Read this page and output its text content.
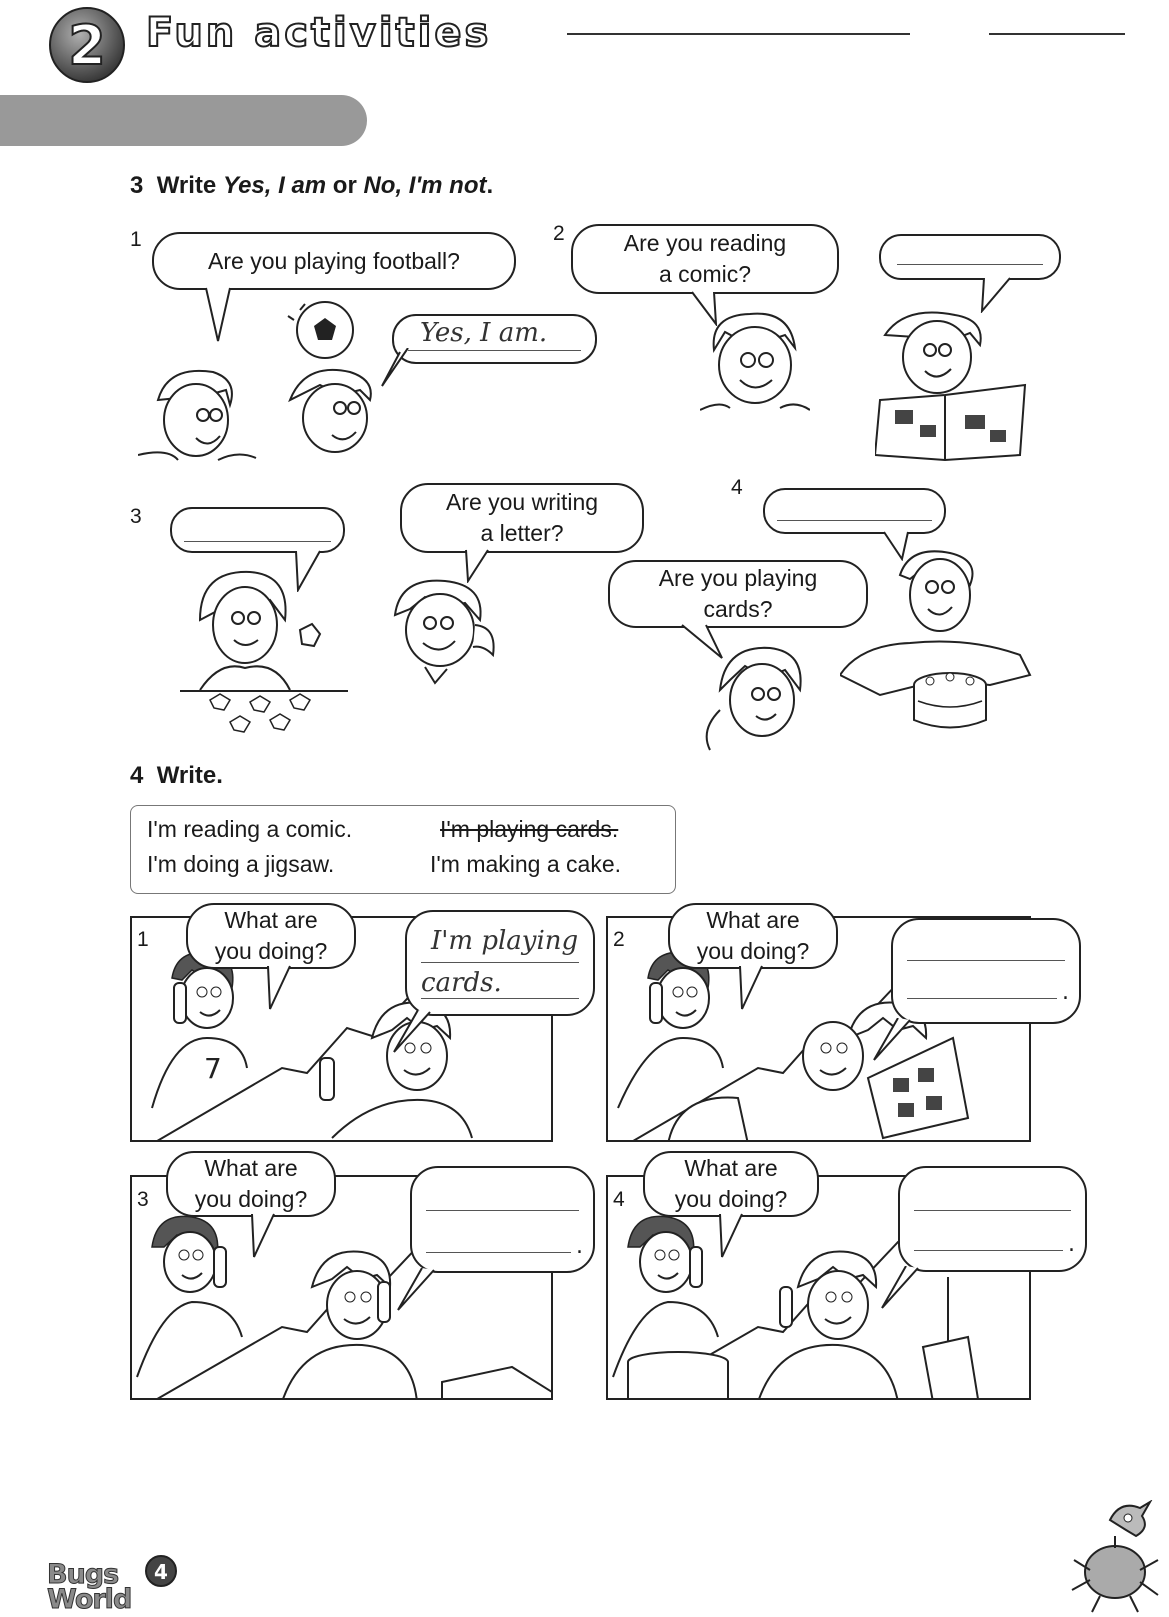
2 Fun activities
3 Write Yes, I am or No, I'm not.
1
Are you playing football?
Yes, I am.
2	Are you reading
a comic?
3
Are you writing
a letter?
4
Are you playing
cards?
4 Write.
I'm reading a comic.	I'm playing cards.
I'm doing a jigsaw.	I'm making a cake.
7
1
What are
you doing?	I'm playing
cards.
2
What are
you doing?
.
3
What are
you doing?
.
4
What are
you doing?
.
Bugs
World
4
